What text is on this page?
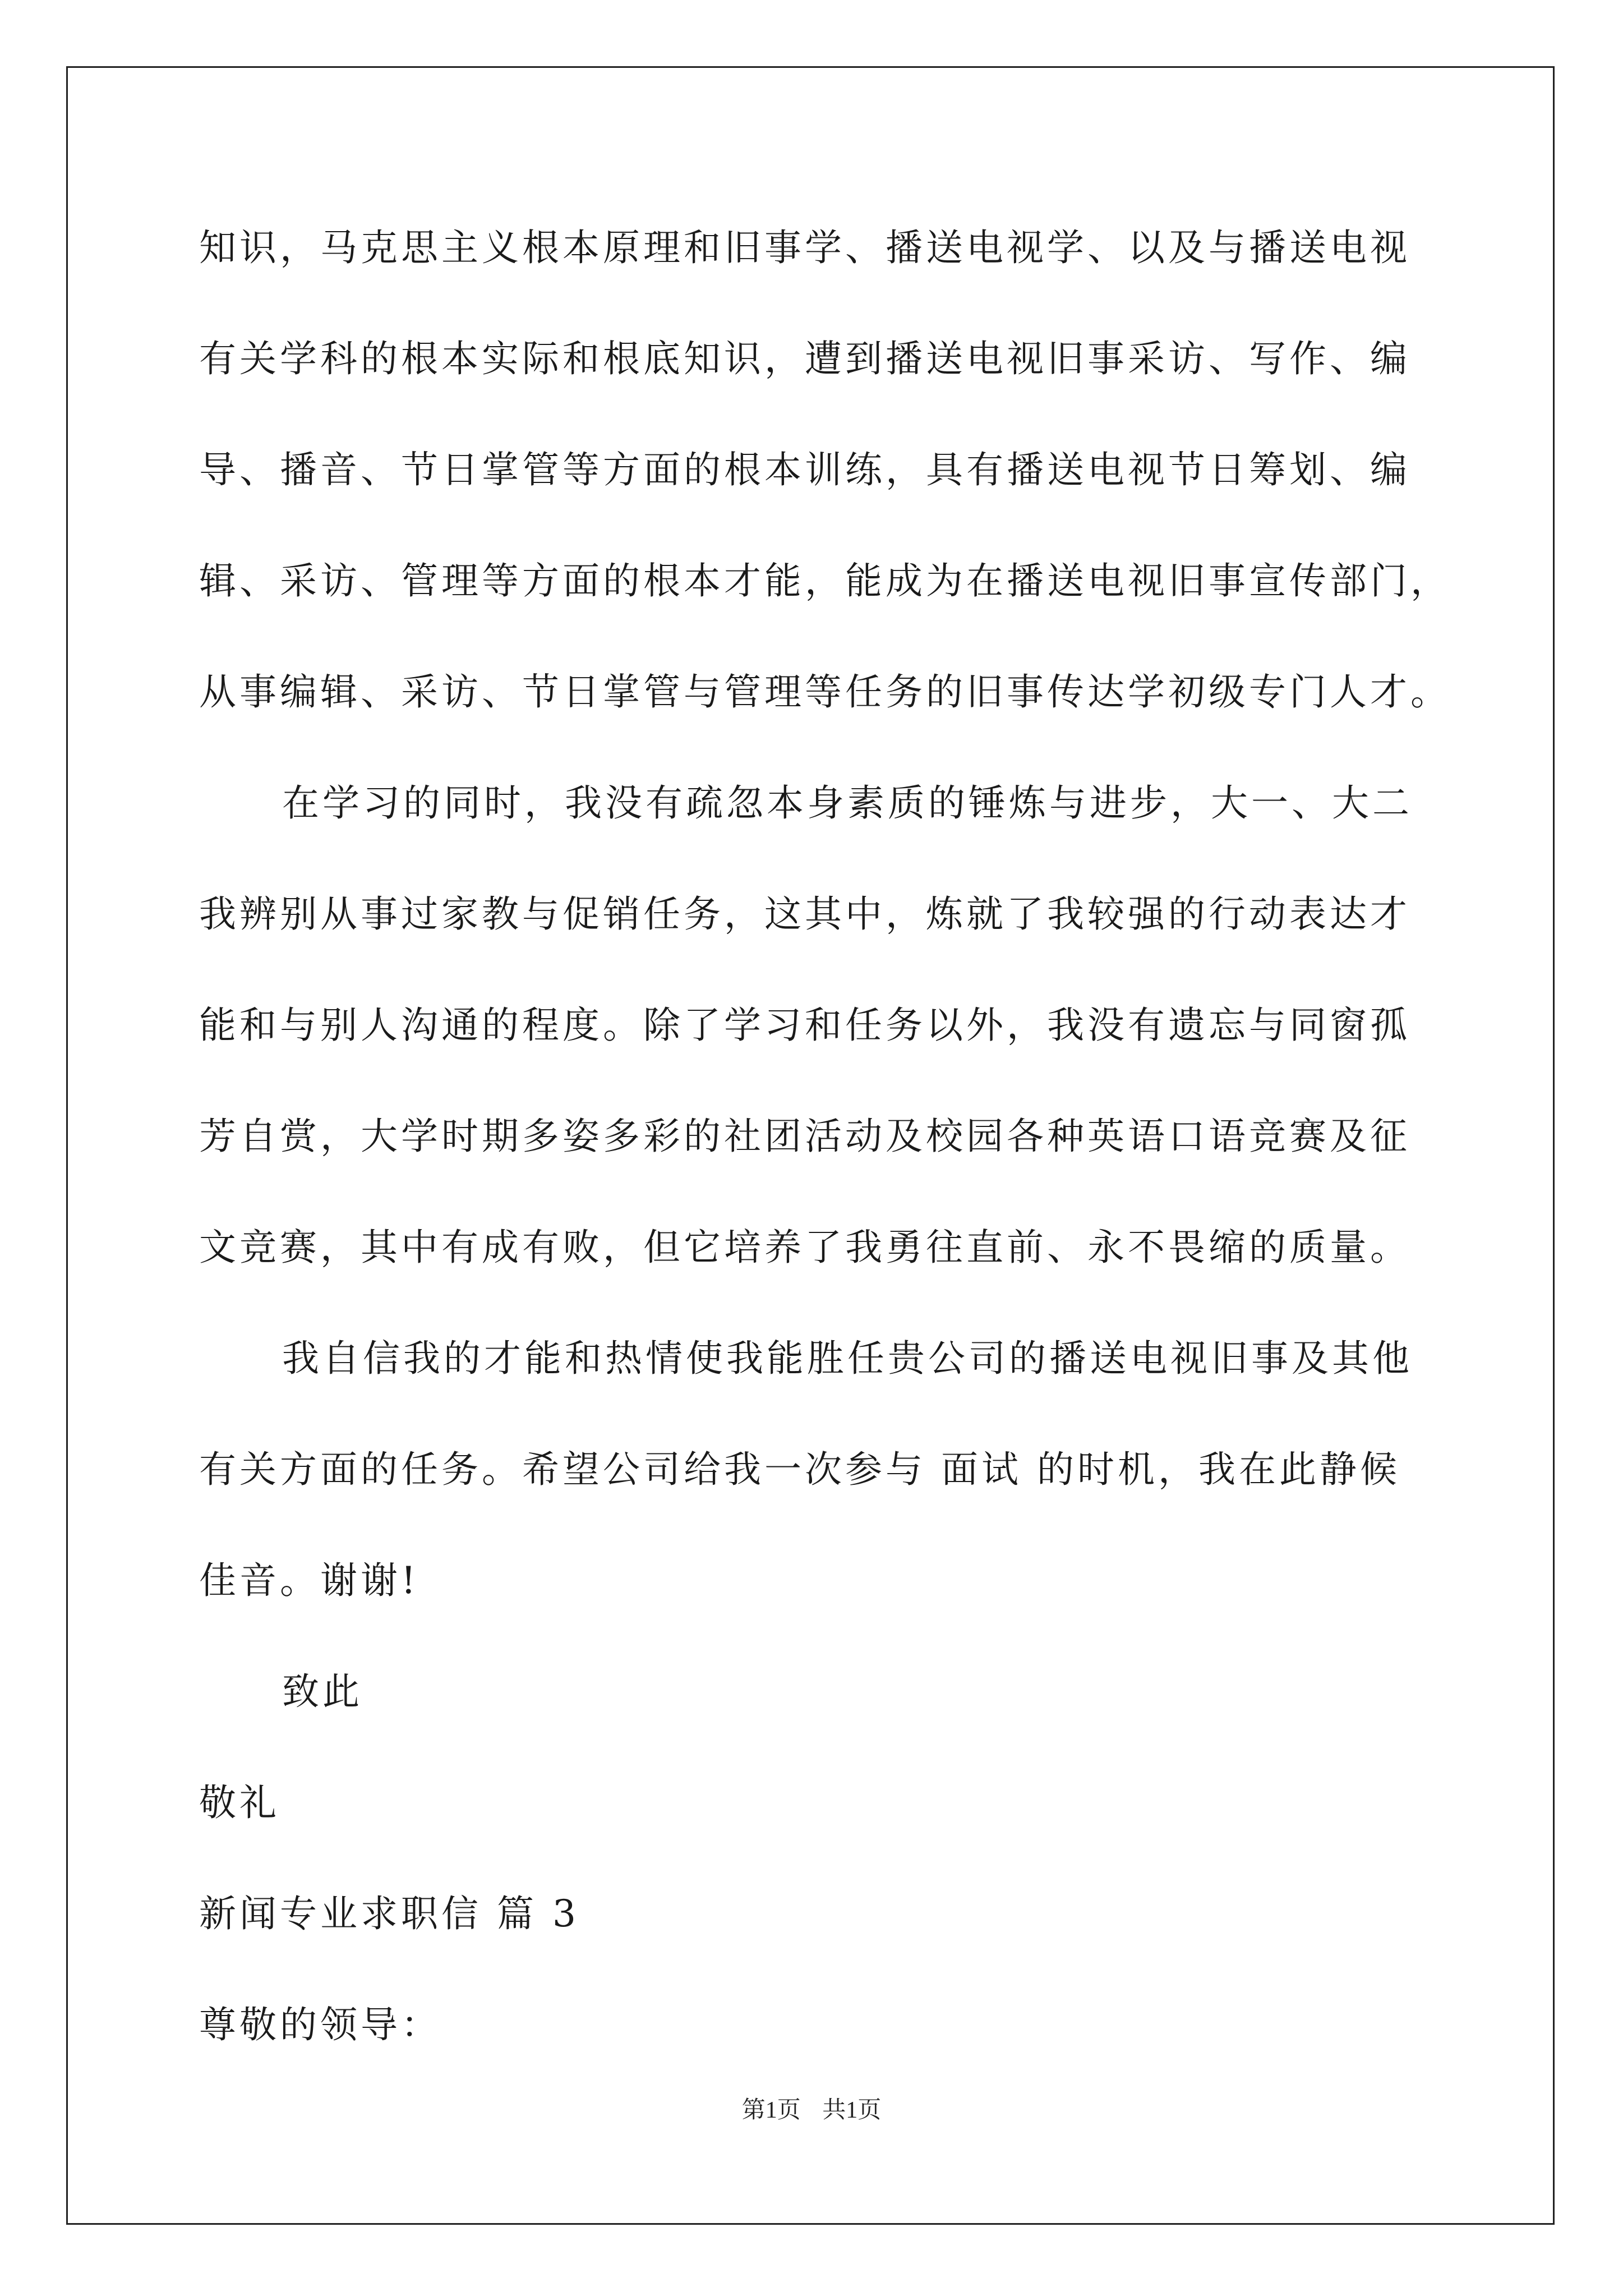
知识，马克思主义根本原理和旧事学、播送电视学、以及与播送电视
有关学科的根本实际和根底知识，遭到播送电视旧事采访、写作、编
导、播音、节日掌管等方面的根本训练，具有播送电视节日筹划、编
辑、采访、管理等方面的根本才能，能成为在播送电视旧事宣传部门，
从事编辑、采访、节日掌管与管理等任务的旧事传达学初级专门人才。
在学习的同时，我没有疏忽本身素质的锤炼与进步，大一、大二
我辨别从事过家教与促销任务，这其中，炼就了我较强的行动表达才
能和与别人沟通的程度。除了学习和任务以外，我没有遗忘与同窗孤
芳自赏，大学时期多姿多彩的社团活动及校园各种英语口语竞赛及征
文竞赛，其中有成有败，但它培养了我勇往直前、永不畏缩的质量。
我自信我的才能和热情使我能胜任贵公司的播送电视旧事及其他
有关方面的任务。希望公司给我一次参与 面试 的时机，我在此静候
佳音。谢谢!
致此
敬礼
新闻专业求职信 篇 3
尊敬的领导：
第1页 共1页
